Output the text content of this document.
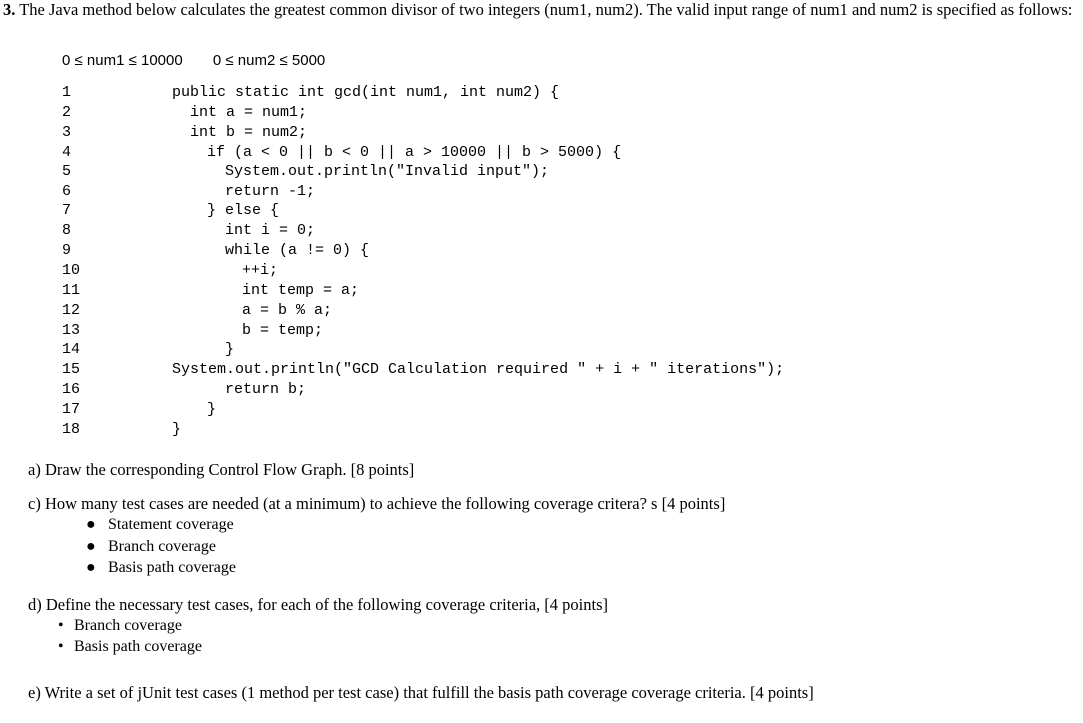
3. The Java method below calculates the greatest common divisor of two integers (num1, num2). The valid input range of num1 and num2 is specified as follows:
0 ≤ num1 ≤ 10000 0 ≤ num2 ≤ 5000
1	public static int gcd(int num1, int num2) {
2	int a = num1;
3	int b = num2;
4	if (a < 0 || b < 0 || a > 10000 || b > 5000) {
5	System.out.println("Invalid input");
6	return -1;
7	} else {
8	int i = 0;
9	while (a != 0) {
10	++i;
11	int temp = a;
12	a = b % a;
13	b = temp;
14	}
15	System.out.println("GCD Calculation required " + i + " iterations");
16	return b;
17	}
18	}
a) Draw the corresponding Control Flow Graph. [8 points]
c) How many test cases are needed (at a minimum) to achieve the following coverage critera? s [4 points]
● Statement coverage
● Branch coverage
● Basis path coverage
d) Define the necessary test cases, for each of the following coverage criteria, [4 points]
• Branch coverage
• Basis path coverage
e) Write a set of jUnit test cases (1 method per test case) that fulfill the basis path coverage coverage criteria. [4 points]
